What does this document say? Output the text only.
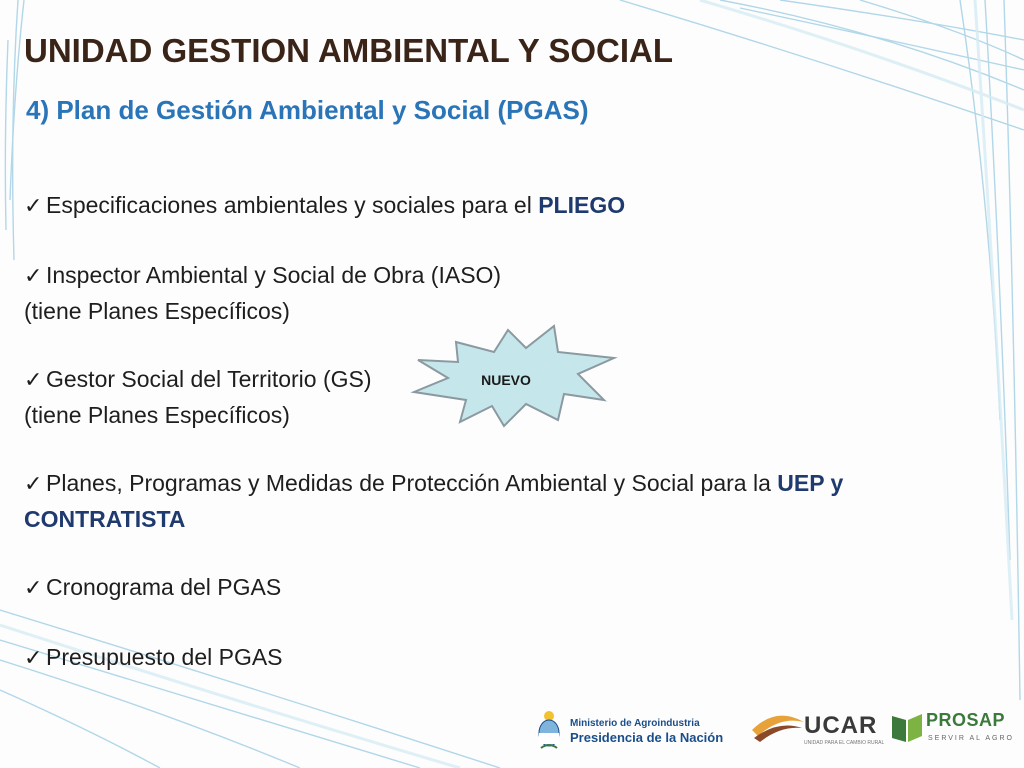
UNIDAD GESTION AMBIENTAL Y SOCIAL
4) Plan de Gestión Ambiental y Social (PGAS)
✓ Especificaciones ambientales y sociales para el PLIEGO
✓ Inspector Ambiental y Social de Obra (IASO)
(tiene Planes Específicos)
✓ Gestor Social del Territorio (GS)
(tiene Planes Específicos)
✓ Planes, Programas y Medidas de Protección Ambiental y Social para la UEP y CONTRATISTA
✓ Cronograma del PGAS
✓ Presupuesto del PGAS
NUEVO
Ministerio de Agroindustria
Presidencia de la Nación	UCAR
UNIDAD PARA EL CAMBIO RURAL
PROSAP
SERVIR AL AGRO
